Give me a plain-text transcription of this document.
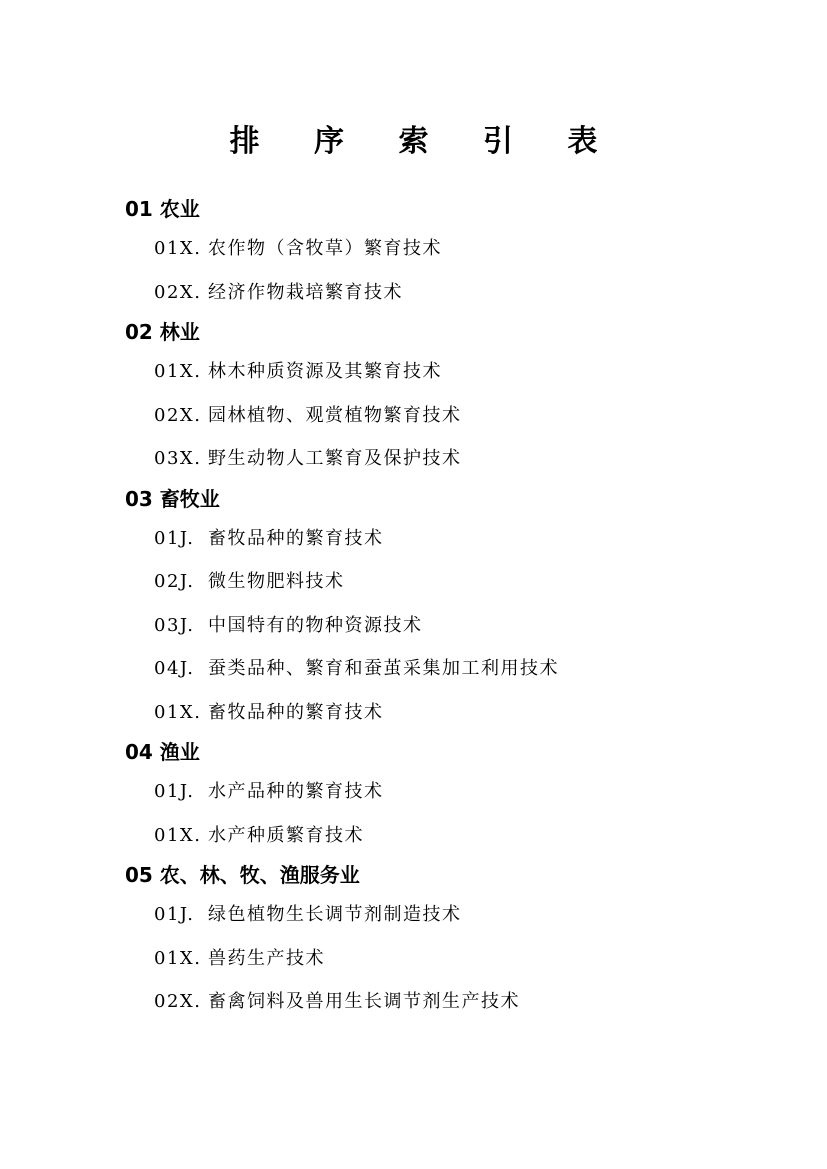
排 序 索 引 表
01 农业
01X. 农作物（含牧草）繁育技术
02X. 经济作物栽培繁育技术
02 林业
01X. 林木种质资源及其繁育技术
02X. 园林植物、观赏植物繁育技术
03X. 野生动物人工繁育及保护技术
03 畜牧业
01J. 畜牧品种的繁育技术
02J. 微生物肥料技术
03J. 中国特有的物种资源技术
04J. 蚕类品种、繁育和蚕茧采集加工利用技术
01X. 畜牧品种的繁育技术
04 渔业
01J. 水产品种的繁育技术
01X. 水产种质繁育技术
05 农、林、牧、渔服务业
01J. 绿色植物生长调节剂制造技术
01X. 兽药生产技术
02X. 畜禽饲料及兽用生长调节剂生产技术
